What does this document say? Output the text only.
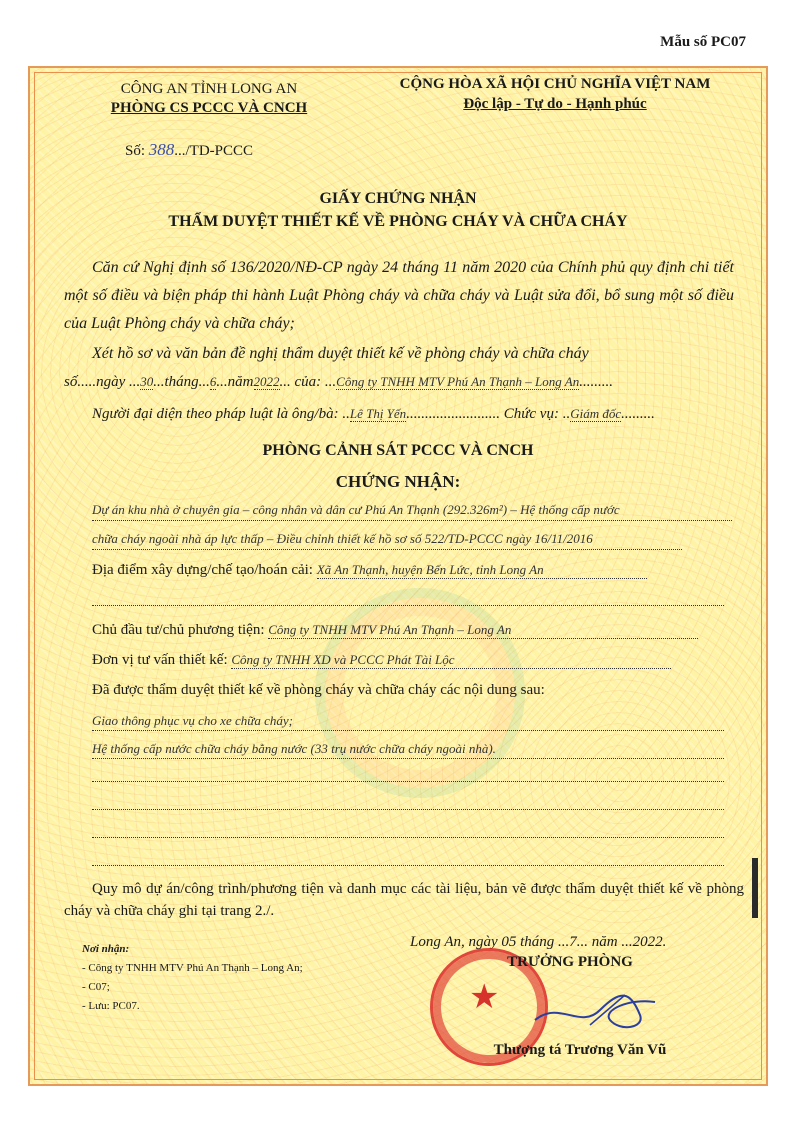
Mẫu số PC07
CÔNG AN TỈNH LONG AN
PHÒNG CS PCCC VÀ CNCH
CỘNG HÒA XÃ HỘI CHỦ NGHĨA VIỆT NAM
Độc lập - Tự do - Hạnh phúc
Số: 388.../TD-PCCC
GIẤY CHỨNG NHẬN
THẨM DUYỆT THIẾT KẾ VỀ PHÒNG CHÁY VÀ CHỮA CHÁY
Căn cứ Nghị định số 136/2020/NĐ-CP ngày 24 tháng 11 năm 2020 của Chính phủ quy định chi tiết một số điều và biện pháp thi hành Luật Phòng cháy và chữa cháy và Luật sửa đổi, bổ sung một số điều của Luật Phòng cháy và chữa cháy;
Xét hồ sơ và văn bản đề nghị thẩm duyệt thiết kế về phòng cháy và chữa cháy
số.....ngày ...30...tháng...6...năm2022... của: ...Công ty TNHH MTV Phú An Thạnh – Long An.........
Người đại diện theo pháp luật là ông/bà: ..Lê Thị Yến......................... Chức vụ: ..Giám đốc.........
PHÒNG CẢNH SÁT PCCC VÀ CNCH
CHỨNG NHẬN:
Dự án khu nhà ở chuyên gia – công nhân và dân cư Phú An Thạnh (292.326m²) – Hệ thống cấp nước
chữa cháy ngoài nhà áp lực thấp – Điều chỉnh thiết kế hồ sơ số 522/TD-PCCC ngày 16/11/2016
Địa điểm xây dựng/chế tạo/hoán cải: Xã An Thạnh, huyện Bến Lức, tỉnh Long An
Chủ đầu tư/chủ phương tiện: Công ty TNHH MTV Phú An Thạnh – Long An
Đơn vị tư vấn thiết kế: Công ty TNHH XD và PCCC Phát Tài Lộc
Đã được thẩm duyệt thiết kế về phòng cháy và chữa cháy các nội dung sau:
Giao thông phục vụ cho xe chữa cháy;
Hệ thống cấp nước chữa cháy bằng nước (33 trụ nước chữa cháy ngoài nhà).
Quy mô dự án/công trình/phương tiện và danh mục các tài liệu, bản vẽ được thẩm duyệt thiết kế về phòng cháy và chữa cháy ghi tại trang 2./.
Nơi nhận:
- Công ty TNHH MTV Phú An Thạnh – Long An;
- C07;
- Lưu: PC07.
Long An, ngày 05 tháng ...7... năm ...2022.
★
TRƯỞNG PHÒNG
Thượng tá Trương Văn Vũ
